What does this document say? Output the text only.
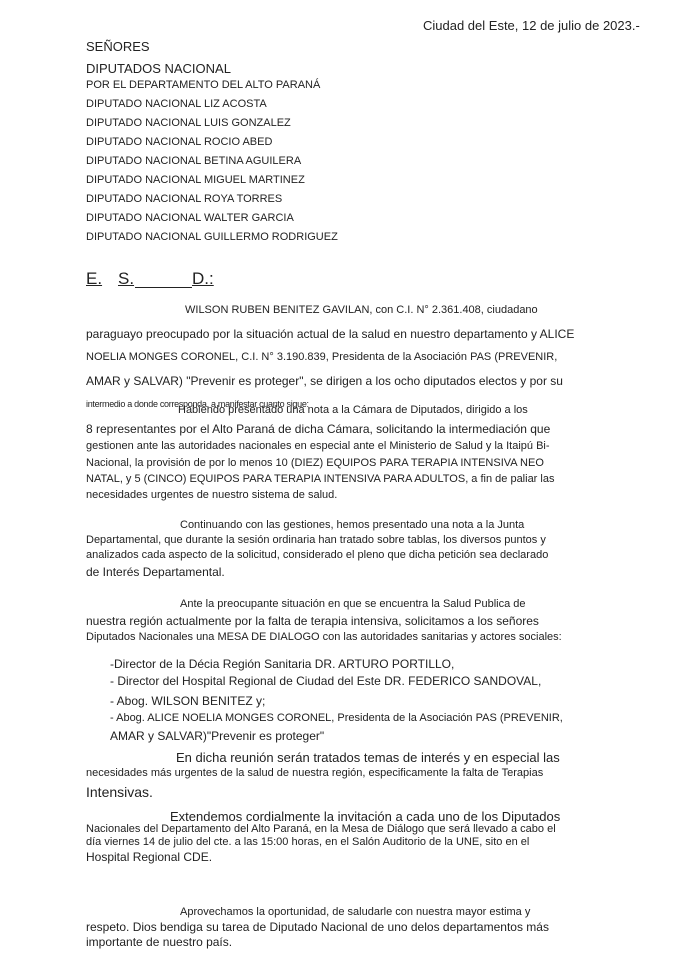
Ciudad del Este, 12 de julio de 2023.-
SEÑORES
DIPUTADOS NACIONAL
POR EL DEPARTAMENTO DEL ALTO PARANÁ
DIPUTADO NACIONAL LIZ ACOSTA
DIPUTADO NACIONAL LUIS GONZALEZ
DIPUTADO NACIONAL ROCIO ABED
DIPUTADO NACIONAL BETINA AGUILERA
DIPUTADO NACIONAL MIGUEL MARTINEZ
DIPUTADO NACIONAL ROYA TORRES
DIPUTADO NACIONAL WALTER GARCIA
DIPUTADO NACIONAL GUILLERMO RODRIGUEZ
E. S.	D.:
WILSON RUBEN BENITEZ GAVILAN, con C.I. N° 2.361.408, ciudadano
paraguayo preocupado por la situación actual de la salud en nuestro departamento y ALICE
NOELIA MONGES CORONEL, C.I. N° 3.190.839, Presidenta de la Asociación PAS (PREVENIR,
AMAR y SALVAR) "Prevenir es proteger", se dirigen a los ocho diputados electos y por su
intermedio a donde corresponda, a manifestar cuanto sigue:
Habiendo presentado una nota a la Cámara de Diputados, dirigido a los
8 representantes por el Alto Paraná de dicha Cámara, solicitando la intermediación que
gestionen ante las autoridades nacionales en especial ante el Ministerio de Salud y la Itaipú Bi-
Nacional, la provisión de por lo menos 10 (DIEZ) EQUIPOS PARA TERAPIA INTENSIVA NEO
NATAL, y 5 (CINCO) EQUIPOS PARA TERAPIA INTENSIVA PARA ADULTOS, a fin de paliar las
necesidades urgentes de nuestro sistema de salud.
Continuando con las gestiones, hemos presentado una nota a la Junta
Departamental, que durante la sesión ordinaria han tratado sobre tablas, los diversos puntos y
analizados cada aspecto de la solicitud, considerado el pleno que dicha petición sea declarado
de Interés Departamental.
Ante la preocupante situación en que se encuentra la Salud Publica de
nuestra región actualmente por la falta de terapia intensiva, solicitamos a los señores
Diputados Nacionales una MESA DE DIALOGO con las autoridades sanitarias y actores sociales:
-Director de la Décia Región Sanitaria DR. ARTURO PORTILLO,
- Director del Hospital Regional de Ciudad del Este DR. FEDERICO SANDOVAL,
- Abog. WILSON BENITEZ y;
- Abog. ALICE NOELIA MONGES CORONEL, Presidenta de la Asociación PAS (PREVENIR,
AMAR y SALVAR)"Prevenir es proteger"
En dicha reunión serán tratados temas de interés y en especial las
necesidades más urgentes de la salud de nuestra región, especificamente la falta de Terapias
Intensivas.
Extendemos cordialmente la invitación a cada uno de los Diputados
Nacionales del Departamento del Alto Paraná, en la Mesa de Diálogo que será llevado a cabo el
día viernes 14 de julio del cte. a las 15:00 horas, en el Salón Auditorio de la UNE, sito en el
Hospital Regional CDE.
Aprovechamos la oportunidad, de saludarle con nuestra mayor estima y
respeto. Dios bendiga su tarea de Diputado Nacional de uno delos departamentos más
importante de nuestro país.
